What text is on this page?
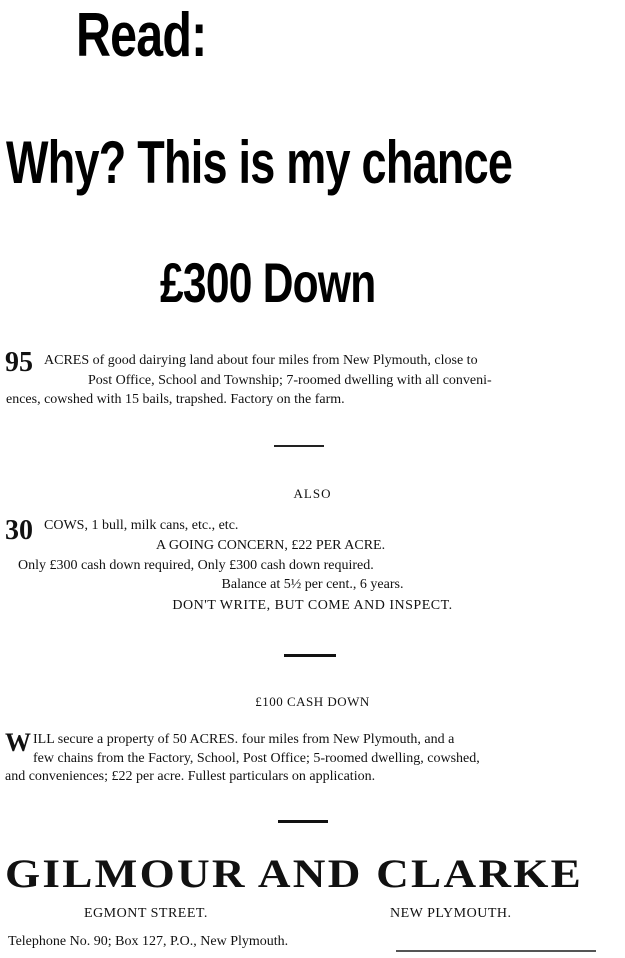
Read:
Why? This is my chance
£300 Down
95 ACRES of good dairying land about four miles from New Plymouth, close to
Post Office, School and Township; 7-roomed dwelling with all conveni-
ences, cowshed with 15 bails, trapshed. Factory on the farm.
ALSO
30 COWS, 1 bull, milk cans, etc., etc.
A GOING CONCERN, £22 PER ACRE.
Only £300 cash down required, Only £300 cash down required.
Balance at 5½ per cent., 6 years.
DON'T WRITE, BUT COME AND INSPECT.
£100 CASH DOWN
W ILL secure a property of 50 ACRES. four miles from New Plymouth, and a
few chains from the Factory, School, Post Office; 5-roomed dwelling, cowshed,
and conveniences; £22 per acre. Fullest particulars on application.
GILMOUR AND CLARKE
EGMONT STREET.	NEW PLYMOUTH.
Telephone No. 90; Box 127, P.O., New Plymouth.
